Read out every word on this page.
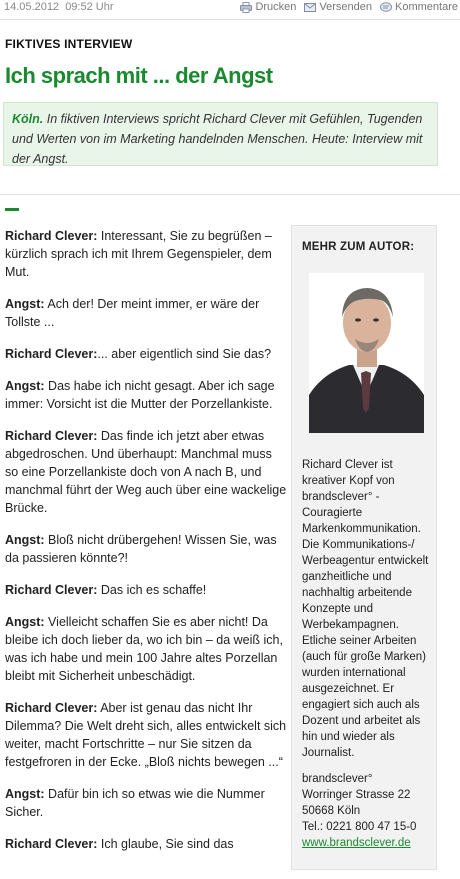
14.05.2012 09:52 Uhr	Drucken Versenden Kommentare
FIKTIVES INTERVIEW
Ich sprach mit ... der Angst
Köln. In fiktiven Interviews spricht Richard Clever mit Gefühlen, Tugenden und Werten von im Marketing handelnden Menschen. Heute: Interview mit der Angst.

Richard Clever: Interessant, Sie zu begrüßen – kürzlich sprach ich mit Ihrem Gegenspieler, dem Mut.

Angst: Ach der! Der meint immer, er wäre der Tollste ...

Richard Clever:... aber eigentlich sind Sie das?

Angst: Das habe ich nicht gesagt. Aber ich sage immer: Vorsicht ist die Mutter der Porzellankiste.

Richard Clever: Das finde ich jetzt aber etwas abgedroschen. Und überhaupt: Manchmal muss so eine Porzellankiste doch von A nach B, und manchmal führt der Weg auch über eine wackelige Brücke.

Angst: Bloß nicht drübergehen! Wissen Sie, was da passieren könnte?!

Richard Clever: Das ich es schaffe!

Angst: Vielleicht schaffen Sie es aber nicht! Da bleibe ich doch lieber da, wo ich bin – da weiß ich, was ich habe und mein 100 Jahre altes Porzellan bleibt mit Sicherheit unbeschädigt.

Richard Clever: Aber ist genau das nicht Ihr Dilemma? Die Welt dreht sich, alles entwickelt sich weiter, macht Fortschritte – nur Sie sitzen da festgefroren in der Ecke. „Bloß nichts bewegen ...“

Angst: Dafür bin ich so etwas wie die Nummer Sicher.

Richard Clever: Ich glaube, Sie sind das

MEHR ZUM AUTOR:
Richard Clever ist kreativer Kopf von brandsclever° - Couragierte Markenkommunikation. Die Kommunikations-/ Werbeagentur entwickelt ganzheitliche und nachhaltig arbeitende Konzepte und Werbekampagnen. Etliche seiner Arbeiten (auch für große Marken) wurden international ausgezeichnet. Er engagiert sich auch als Dozent und arbeitet als hin und wieder als Journalist.
brandsclever°
Worringer Strasse 22
50668 Köln
Tel.: 0221 800 47 15-0
www.brandsclever.de
